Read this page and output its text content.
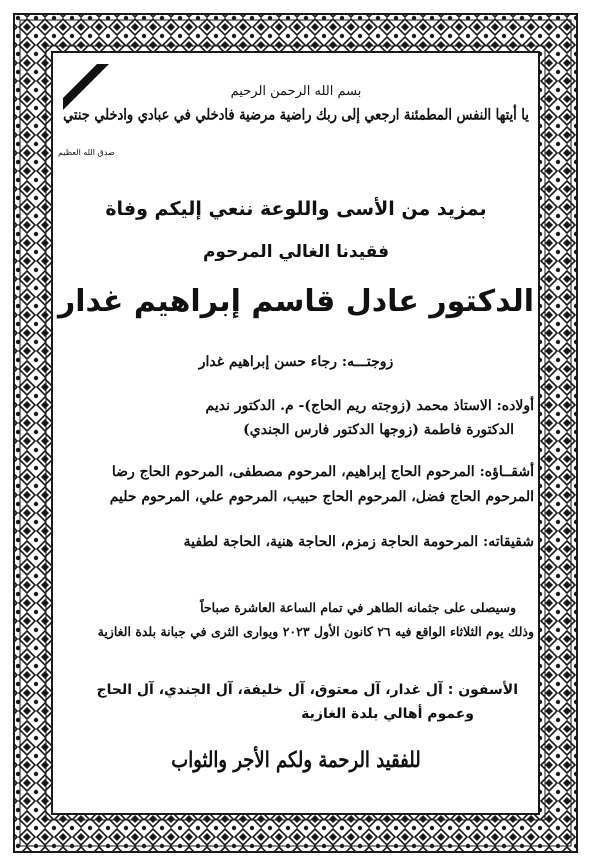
بسم الله الرحمن الرحيم
يا أيتها النفس المطمئنة ارجعي إلى ربك راضية مرضية فادخلي في عبادي وادخلي جنتي
صدق الله العظيم
بمزيد من الأسى واللوعة ننعي إليكم وفاة
فقيدنا الغالي المرحوم
الدكتور عادل قاسم إبراهيم غدار
زوجتـــه: رجاء حسن إبراهيم غدار
أولاده: الاستاذ محمد (زوجته ريم الحاج)- م. الدكتور نديم
الدكتورة فاطمة (زوجها الدكتور فارس الجندي)
أشقــاؤه: المرحوم الحاج إبراهيم، المرحوم مصطفى، المرحوم الحاج رضا
المرحوم الحاج فضل، المرحوم الحاج حبيب، المرحوم علي، المرحوم حليم
شقيقاته: المرحومة الحاجة زمزم، الحاجة هنية، الحاجة لطفية
وسيصلى على جثمانه الطاهر في تمام الساعة العاشرة صباحاً
وذلك يوم الثلاثاء الواقع فيه ٢٦ كانون الأول ٢٠٢٣ ويوارى الثرى في جبانة بلدة الغازية
الأسفون : آل غدار، آل معتوق، آل خليفة، آل الجندي، آل الحاج
وعموم أهالي بلدة الغازية
للفقيد الرحمة ولكم الأجر والثواب
